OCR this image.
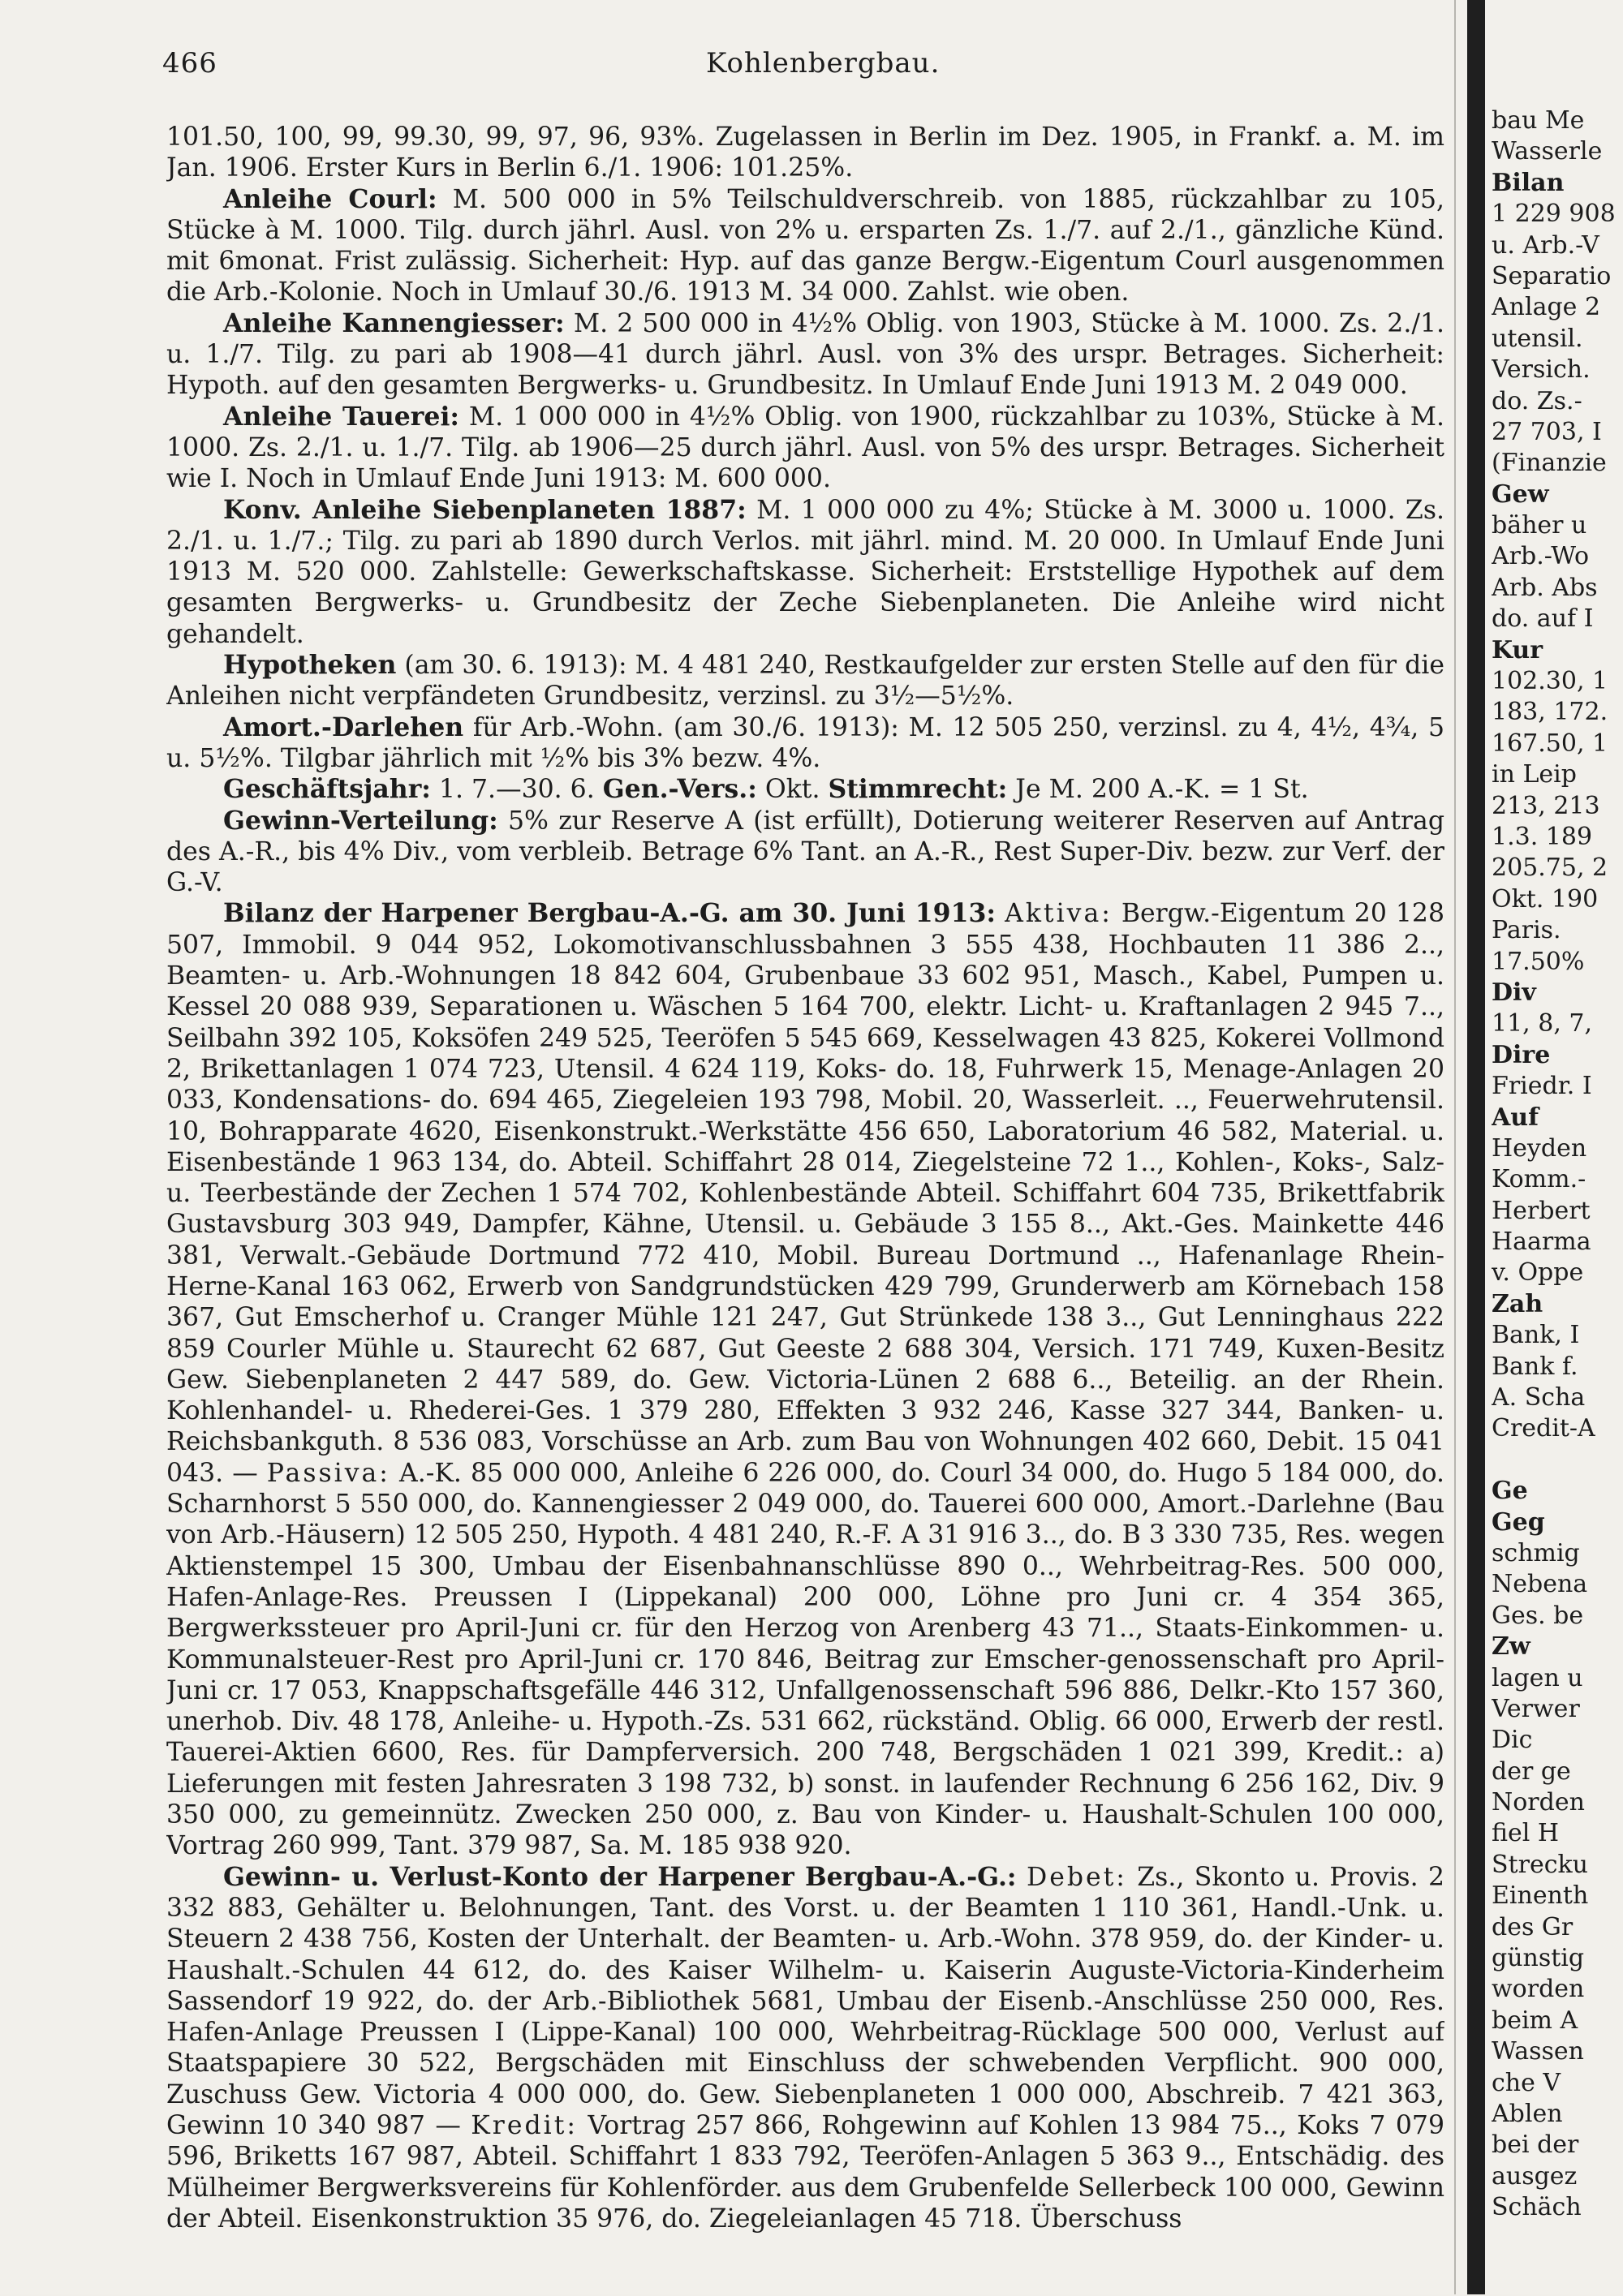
466	Kohlenbergbau.

101.50, 100, 99, 99.30, 99, 97, 96, 93%. Zugelassen in Berlin im Dez. 1905, in Frankf. a. M. im Jan. 1906. Erster Kurs in Berlin 6./1. 1906: 101.25%.

Anleihe Courl: M. 500 000 in 5% Teilschuldverschreib. von 1885, rückzahlbar zu 105, Stücke à M. 1000. Tilg. durch jährl. Ausl. von 2% u. ersparten Zs. 1./7. auf 2./1., gänzliche Künd. mit 6monat. Frist zulässig. Sicherheit: Hyp. auf das ganze Bergw.-Eigentum Courl ausgenommen die Arb.-Kolonie. Noch in Umlauf 30./6. 1913 M. 34 000. Zahlst. wie oben.

Anleihe Kannengiesser: M. 2 500 000 in 4½% Oblig. von 1903, Stücke à M. 1000. Zs. 2./1. u. 1./7. Tilg. zu pari ab 1908—41 durch jährl. Ausl. von 3% des urspr. Betrages. Sicherheit: Hypoth. auf den gesamten Bergwerks- u. Grundbesitz. In Umlauf Ende Juni 1913 M. 2 049 000.

Anleihe Tauerei: M. 1 000 000 in 4½% Oblig. von 1900, rückzahlbar zu 103%, Stücke à M. 1000. Zs. 2./1. u. 1./7. Tilg. ab 1906—25 durch jährl. Ausl. von 5% des urspr. Betrages. Sicherheit wie I. Noch in Umlauf Ende Juni 1913: M. 600 000.

Konv. Anleihe Siebenplaneten 1887: M. 1 000 000 zu 4%; Stücke à M. 3000 u. 1000. Zs. 2./1. u. 1./7.; Tilg. zu pari ab 1890 durch Verlos. mit jährl. mind. M. 20 000. In Umlauf Ende Juni 1913 M. 520 000. Zahlstelle: Gewerkschaftskasse. Sicherheit: Erststellige Hypothek auf dem gesamten Bergwerks- u. Grundbesitz der Zeche Siebenplaneten. Die Anleihe wird nicht gehandelt.

Hypotheken (am 30. 6. 1913): M. 4 481 240, Restkaufgelder zur ersten Stelle auf den für die Anleihen nicht verpfändeten Grundbesitz, verzinsl. zu 3½—5½%.

Amort.-Darlehen für Arb.-Wohn. (am 30./6. 1913): M. 12 505 250, verzinsl. zu 4, 4½, 4¾, 5 u. 5½%. Tilgbar jährlich mit ½% bis 3% bezw. 4%.

Geschäftsjahr: 1. 7.—30. 6. Gen.-Vers.: Okt. Stimmrecht: Je M. 200 A.-K. = 1 St.

Gewinn-Verteilung: 5% zur Reserve A (ist erfüllt), Dotierung weiterer Reserven auf Antrag des A.-R., bis 4% Div., vom verbleib. Betrage 6% Tant. an A.-R., Rest Super-Div. bezw. zur Verf. der G.-V.

Bilanz der Harpener Bergbau-A.-G. am 30. Juni 1913: Aktiva: Bergw.-Eigentum 20 128 507, Immobil. 9 044 952, Lokomotivanschlussbahnen 3 555 438, Hochbauten 11 386 2.., Beamten- u. Arb.-Wohnungen 18 842 604, Grubenbaue 33 602 951, Masch., Kabel, Pumpen u. Kessel 20 088 939, Separationen u. Wäschen 5 164 700, elektr. Licht- u. Kraftanlagen 2 945 7.., Seilbahn 392 105, Koksöfen 249 525, Teeröfen 5 545 669, Kesselwagen 43 825, Kokerei Vollmond 2, Brikettanlagen 1 074 723, Utensil. 4 624 119, Koks- do. 18, Fuhrwerk 15, Menage-Anlagen 20 033, Kondensations- do. 694 465, Ziegeleien 193 798, Mobil. 20, Wasserleit. .., Feuerwehrutensil. 10, Bohrapparate 4620, Eisenkonstrukt.-Werkstätte 456 650, Laboratorium 46 582, Material. u. Eisenbestände 1 963 134, do. Abteil. Schiffahrt 28 014, Ziegelsteine 72 1.., Kohlen-, Koks-, Salz- u. Teerbestände der Zechen 1 574 702, Kohlenbestände Abteil. Schiffahrt 604 735, Brikettfabrik Gustavsburg 303 949, Dampfer, Kähne, Utensil. u. Gebäude 3 155 8.., Akt.-Ges. Mainkette 446 381, Verwalt.-Gebäude Dortmund 772 410, Mobil. Bureau Dortmund .., Hafenanlage Rhein-Herne-Kanal 163 062, Erwerb von Sandgrundstücken 429 799, Grunderwerb am Körnebach 158 367, Gut Emscherhof u. Cranger Mühle 121 247, Gut Strünkede 138 3.., Gut Lenninghaus 222 859 Courler Mühle u. Staurecht 62 687, Gut Geeste 2 688 304, Versich. 171 749, Kuxen-Besitz Gew. Siebenplaneten 2 447 589, do. Gew. Victoria-Lünen 2 688 6.., Beteilig. an der Rhein. Kohlenhandel- u. Rhederei-Ges. 1 379 280, Effekten 3 932 246, Kasse 327 344, Banken- u. Reichsbankguth. 8 536 083, Vorschüsse an Arb. zum Bau von Wohnungen 402 660, Debit. 15 041 043. — Passiva: A.-K. 85 000 000, Anleihe 6 226 000, do. Courl 34 000, do. Hugo 5 184 000, do. Scharnhorst 5 550 000, do. Kannengiesser 2 049 000, do. Tauerei 600 000, Amort.-Darlehne (Bau von Arb.-Häusern) 12 505 250, Hypoth. 4 481 240, R.-F. A 31 916 3.., do. B 3 330 735, Res. wegen Aktienstempel 15 300, Umbau der Eisenbahnanschlüsse 890 0.., Wehrbeitrag-Res. 500 000, Hafen-Anlage-Res. Preussen I (Lippekanal) 200 000, Löhne pro Juni cr. 4 354 365, Bergwerkssteuer pro April-Juni cr. für den Herzog von Arenberg 43 71.., Staats-Einkommen- u. Kommunalsteuer-Rest pro April-Juni cr. 170 846, Beitrag zur Emscher-genossenschaft pro April-Juni cr. 17 053, Knappschaftsgefälle 446 312, Unfallgenossenschaft 596 886, Delkr.-Kto 157 360, unerhob. Div. 48 178, Anleihe- u. Hypoth.-Zs. 531 662, rückständ. Oblig. 66 000, Erwerb der restl. Tauerei-Aktien 6600, Res. für Dampferversich. 200 748, Bergschäden 1 021 399, Kredit.: a) Lieferungen mit festen Jahresraten 3 198 732, b) sonst. in laufender Rechnung 6 256 162, Div. 9 350 000, zu gemeinnütz. Zwecken 250 000, z. Bau von Kinder- u. Haushalt-Schulen 100 000, Vortrag 260 999, Tant. 379 987, Sa. M. 185 938 920.

Gewinn- u. Verlust-Konto der Harpener Bergbau-A.-G.: Debet: Zs., Skonto u. Provis. 2 332 883, Gehälter u. Belohnungen, Tant. des Vorst. u. der Beamten 1 110 361, Handl.-Unk. u. Steuern 2 438 756, Kosten der Unterhalt. der Beamten- u. Arb.-Wohn. 378 959, do. der Kinder- u. Haushalt.-Schulen 44 612, do. des Kaiser Wilhelm- u. Kaiserin Auguste-Victoria-Kinderheim Sassendorf 19 922, do. der Arb.-Bibliothek 5681, Umbau der Eisenb.-Anschlüsse 250 000, Res. Hafen-Anlage Preussen I (Lippe-Kanal) 100 000, Wehrbeitrag-Rücklage 500 000, Verlust auf Staatspapiere 30 522, Bergschäden mit Einschluss der schwebenden Verpflicht. 900 000, Zuschuss Gew. Victoria 4 000 000, do. Gew. Siebenplaneten 1 000 000, Abschreib. 7 421 363, Gewinn 10 340 987 — Kredit: Vortrag 257 866, Rohgewinn auf Kohlen 13 984 75.., Koks 7 079 596, Briketts 167 987, Abteil. Schiffahrt 1 833 792, Teeröfen-Anlagen 5 363 9.., Entschädig. des Mülheimer Bergwerksvereins für Kohlenförder. aus dem Grubenfelde Sellerbeck 100 000, Gewinn der Abteil. Eisenkonstruktion 35 976, do. Ziegeleianlagen 45 718. Überschuss

bau Me
Wasserle
Bilan
1 229 908
u. Arb.-V
Separatio
Anlage 2
utensil.
Versich.
do. Zs.-
27 703, I
(Finanzie
Gew
bäher u
Arb.-Wo
Arb. Abs
do. auf I
Kur
102.30, 1
183, 172.
167.50, 1
in Leip
213, 213
1.3. 189
205.75, 2
Okt. 190
Paris.
17.50%
Div
11, 8, 7,
Dire
Friedr. I
Auf
Heyden
Komm.-
Herbert
Haarma
v. Oppe
Zah
Bank, I
Bank f.
A. Scha
Credit-A
Ge
Geg
schmig
Nebena
Ges. be
Zw
lagen u
Verwer
Dic
der ge
Norden
fiel H
Strecku
Einenth
des Gr
günstig
worden
beim A
Wassen
che V
Ablen
bei der
ausgez
Schäch
